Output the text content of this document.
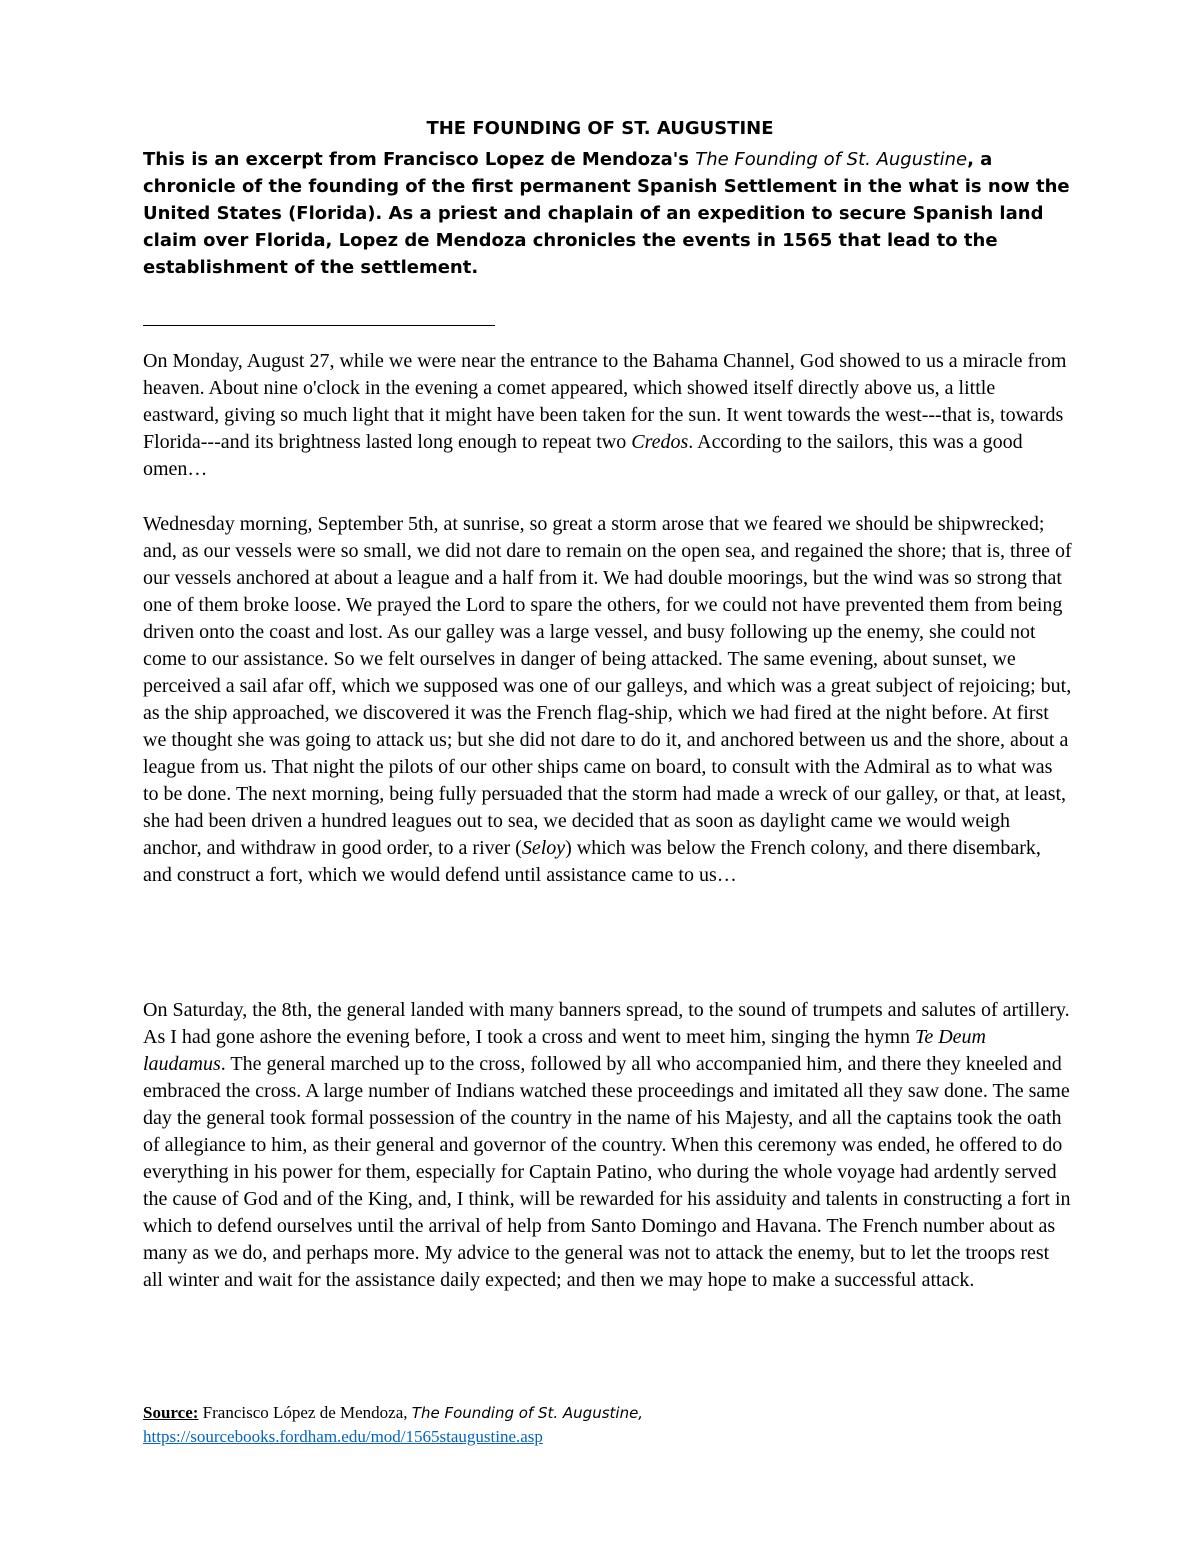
THE FOUNDING OF ST. AUGUSTINE
This is an excerpt from Francisco Lopez de Mendoza's The Founding of St. Augustine, a chronicle of the founding of the first permanent Spanish Settlement in the what is now the United States (Florida). As a priest and chaplain of an expedition to secure Spanish land claim over Florida, Lopez de Mendoza chronicles the events in 1565 that lead to the establishment of the settlement.
On Monday, August 27, while we were near the entrance to the Bahama Channel, God showed to us a miracle from heaven. About nine o'clock in the evening a comet appeared, which showed itself directly above us, a little eastward, giving so much light that it might have been taken for the sun. It went towards the west---that is, towards Florida---and its brightness lasted long enough to repeat two Credos. According to the sailors, this was a good omen…
Wednesday morning, September 5th, at sunrise, so great a storm arose that we feared we should be shipwrecked; and, as our vessels were so small, we did not dare to remain on the open sea, and regained the shore; that is, three of our vessels anchored at about a league and a half from it. We had double moorings, but the wind was so strong that one of them broke loose. We prayed the Lord to spare the others, for we could not have prevented them from being driven onto the coast and lost. As our galley was a large vessel, and busy following up the enemy, she could not come to our assistance. So we felt ourselves in danger of being attacked. The same evening, about sunset, we perceived a sail afar off, which we supposed was one of our galleys, and which was a great subject of rejoicing; but, as the ship approached, we discovered it was the French flag-ship, which we had fired at the night before. At first we thought she was going to attack us; but she did not dare to do it, and anchored between us and the shore, about a league from us. That night the pilots of our other ships came on board, to consult with the Admiral as to what was to be done. The next morning, being fully persuaded that the storm had made a wreck of our galley, or that, at least, she had been driven a hundred leagues out to sea, we decided that as soon as daylight came we would weigh anchor, and withdraw in good order, to a river (Seloy) which was below the French colony, and there disembark, and construct a fort, which we would defend until assistance came to us…
On Saturday, the 8th, the general landed with many banners spread, to the sound of trumpets and salutes of artillery. As I had gone ashore the evening before, I took a cross and went to meet him, singing the hymn Te Deum laudamus. The general marched up to the cross, followed by all who accompanied him, and there they kneeled and embraced the cross. A large number of Indians watched these proceedings and imitated all they saw done. The same day the general took formal possession of the country in the name of his Majesty, and all the captains took the oath of allegiance to him, as their general and governor of the country. When this ceremony was ended, he offered to do everything in his power for them, especially for Captain Patino, who during the whole voyage had ardently served the cause of God and of the King, and, I think, will be rewarded for his assiduity and talents in constructing a fort in which to defend ourselves until the arrival of help from Santo Domingo and Havana. The French number about as many as we do, and perhaps more. My advice to the general was not to attack the enemy, but to let the troops rest all winter and wait for the assistance daily expected; and then we may hope to make a successful attack.
Source: Francisco López de Mendoza, The Founding of St. Augustine,
https://sourcebooks.fordham.edu/mod/1565staugustine.asp
